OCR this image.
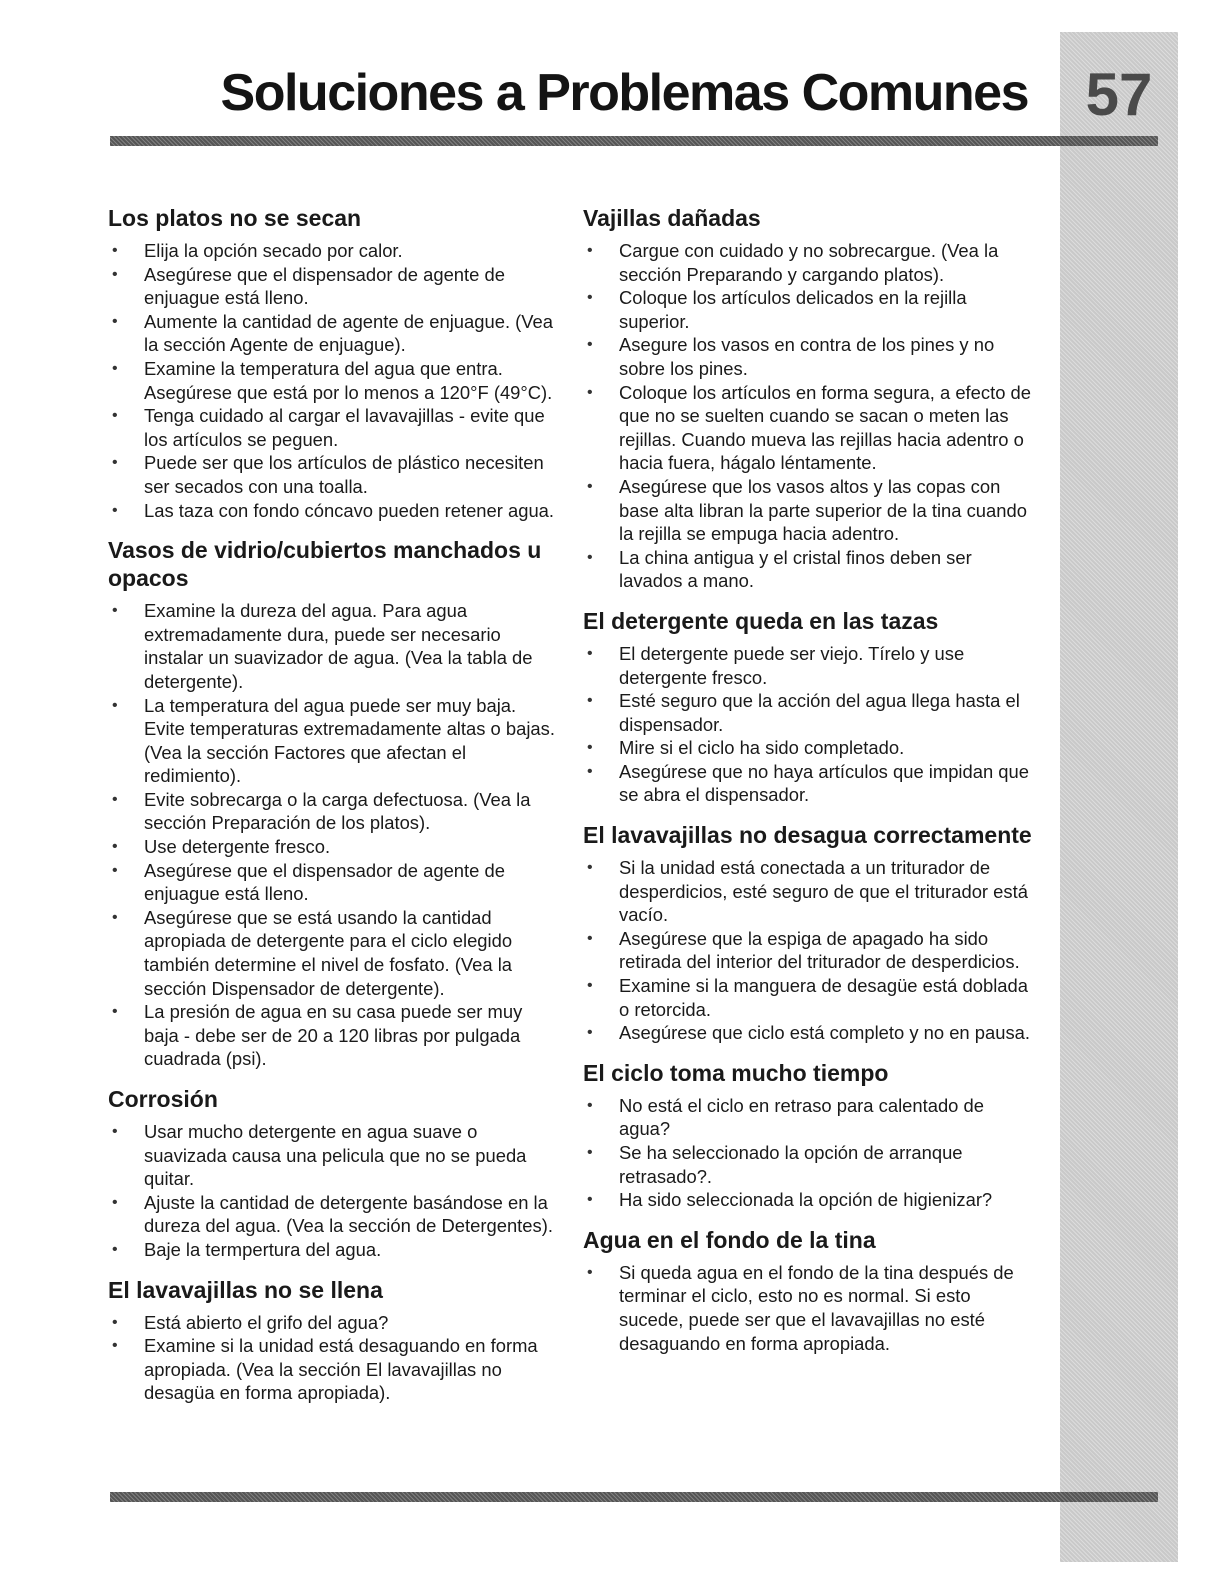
Soluciones a Problemas Comunes 57
Los platos no se secan
• Elija la opción secado por calor.
• Asegúrese que el dispensador de agente de enjuague está lleno.
• Aumente la cantidad de agente de enjuague. (Vea la sección Agente de enjuague).
• Examine la temperatura del agua que entra. Asegúrese que está por lo menos a 120°F (49°C).
• Tenga cuidado al cargar el lavavajillas - evite que los artículos se peguen.
• Puede ser que los artículos de plástico necesiten ser secados con una toalla.
• Las taza con fondo cóncavo pueden retener agua.
Vasos de vidrio/cubiertos manchados u opacos
• Examine la dureza del agua. Para agua extremadamente dura, puede ser necesario instalar un suavizador de agua. (Vea la tabla de detergente).
• La temperatura del agua puede ser muy baja. Evite temperaturas extremadamente altas o bajas. (Vea la sección Factores que afectan el redimiento).
• Evite sobrecarga o la carga defectuosa. (Vea la sección Preparación de los platos).
• Use detergente fresco.
• Asegúrese que el dispensador de agente de enjuague está lleno.
• Asegúrese que se está usando la cantidad apropiada de detergente para el ciclo elegido también determine el nivel de fosfato. (Vea la sección Dispensador de detergente).
• La presión de agua en su casa puede ser muy baja - debe ser de 20 a 120 libras por pulgada cuadrada (psi).
Corrosión
• Usar mucho detergente en agua suave o suavizada causa una pelicula que no se pueda quitar.
• Ajuste la cantidad de detergente basándose en la dureza del agua. (Vea la sección de Detergentes).
• Baje la termpertura del agua.
El lavavajillas no se llena
• Está abierto el grifo del agua?
• Examine si la unidad está desaguando en forma apropiada. (Vea la sección El lavavajillas no desagüa en forma apropiada).
Vajillas dañadas
• Cargue con cuidado y no sobrecargue. (Vea la sección Preparando y cargando platos).
• Coloque los artículos delicados en la rejilla superior.
• Asegure los vasos en contra de los pines y no sobre los pines.
• Coloque los artículos en forma segura, a efecto de que no se suelten cuando se sacan o meten las rejillas. Cuando mueva las rejillas hacia adentro o hacia fuera, hágalo léntamente.
• Asegúrese que los vasos altos y las copas con base alta libran la parte superior de la tina cuando la rejilla se empuga hacia adentro.
• La china antigua y el cristal finos deben ser lavados a mano.
El detergente queda en las tazas
• El detergente puede ser viejo. Tírelo y use detergente fresco.
• Esté seguro que la acción del agua llega hasta el dispensador.
• Mire si el ciclo ha sido completado.
• Asegúrese que no haya artículos que impidan que se abra el dispensador.
El lavavajillas no desagua correctamente
• Si la unidad está conectada a un triturador de desperdicios, esté seguro de que el triturador está vacío.
• Asegúrese que la espiga de apagado ha sido retirada del interior del triturador de desperdicios.
• Examine si la manguera de desagüe está doblada o retorcida.
• Asegúrese que ciclo está completo y no en pausa.
El ciclo toma mucho tiempo
• No está el ciclo en retraso para calentado de agua?
• Se ha seleccionado la opción de arranque retrasado?.
• Ha sido seleccionada la opción de higienizar?
Agua en el fondo de la tina
• Si queda agua en el fondo de la tina después de terminar el ciclo, esto no es normal. Si esto sucede, puede ser que el lavavajillas no esté desaguando en forma apropiada.
